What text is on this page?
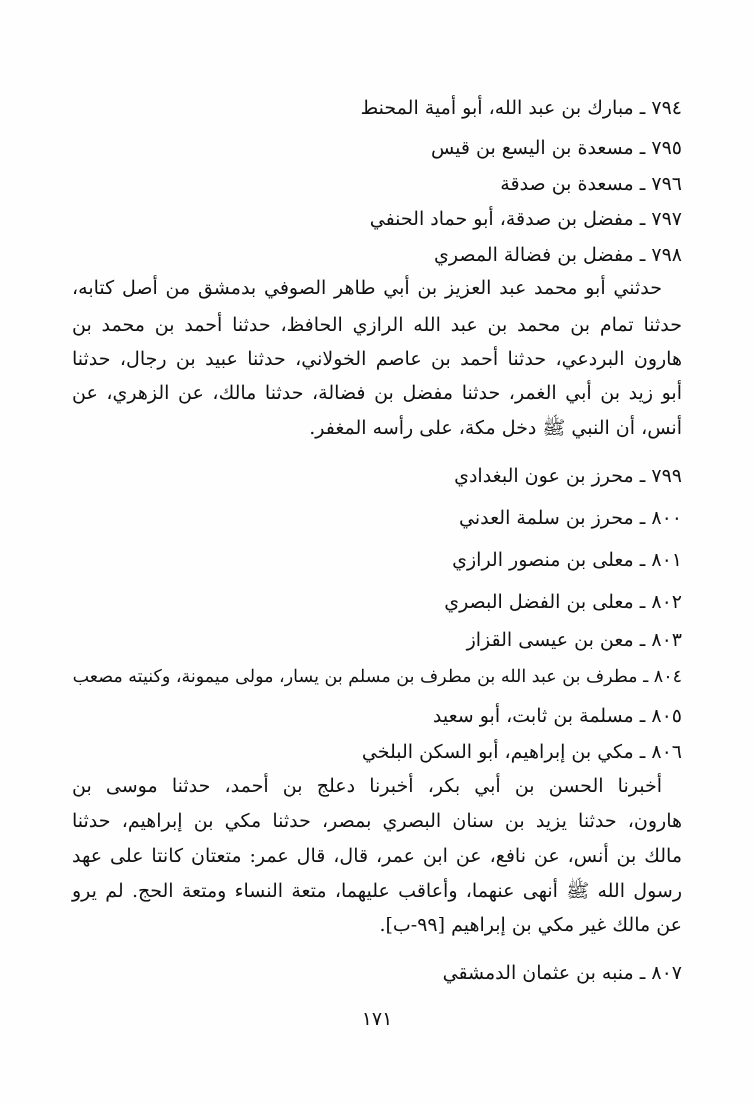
٧٩٤ ـ مبارك بن عبد الله، أبو أمية المحنط
٧٩٥ ـ مسعدة بن اليسع بن قيس
٧٩٦ ـ مسعدة بن صدقة
٧٩٧ ـ مفضل بن صدقة، أبو حماد الحنفي
٧٩٨ ـ مفضل بن فضالة المصري
حدثني أبو محمد عبد العزيز بن أبي طاهر الصوفي بدمشق من أصل كتابه،
حدثنا تمام بن محمد بن عبد الله الرازي الحافظ، حدثنا أحمد بن محمد بن
هارون البردعي، حدثنا أحمد بن عاصم الخولاني، حدثنا عبيد بن رجال، حدثنا
أبو زيد بن أبي الغمر، حدثنا مفضل بن فضالة، حدثنا مالك، عن الزهري، عن
أنس، أن النبي ﷺ دخل مكة، على رأسه المغفر.
٧٩٩ ـ محرز بن عون البغدادي
٨٠٠ ـ محرز بن سلمة العدني
٨٠١ ـ معلى بن منصور الرازي
٨٠٢ ـ معلى بن الفضل البصري
٨٠٣ ـ معن بن عيسى القزاز
٨٠٤ ـ مطرف بن عبد الله بن مطرف بن مسلم بن يسار، مولى ميمونة، وكنيته مصعب
٨٠٥ ـ مسلمة بن ثابت، أبو سعيد
٨٠٦ ـ مكي بن إبراهيم، أبو السكن البلخي
أخبرنا الحسن بن أبي بكر، أخبرنا دعلج بن أحمد، حدثنا موسى بن
هارون، حدثنا يزيد بن سنان البصري بمصر، حدثنا مكي بن إبراهيم، حدثنا
مالك بن أنس، عن نافع، عن ابن عمر، قال، قال عمر: متعتان كانتا على عهد
رسول الله ﷺ أنهى عنهما، وأعاقب عليهما، متعة النساء ومتعة الحج. لم يرو
عن مالك غير مكي بن إبراهيم [٩٩-ب].
٨٠٧ ـ منبه بن عثمان الدمشقي
١٧١
